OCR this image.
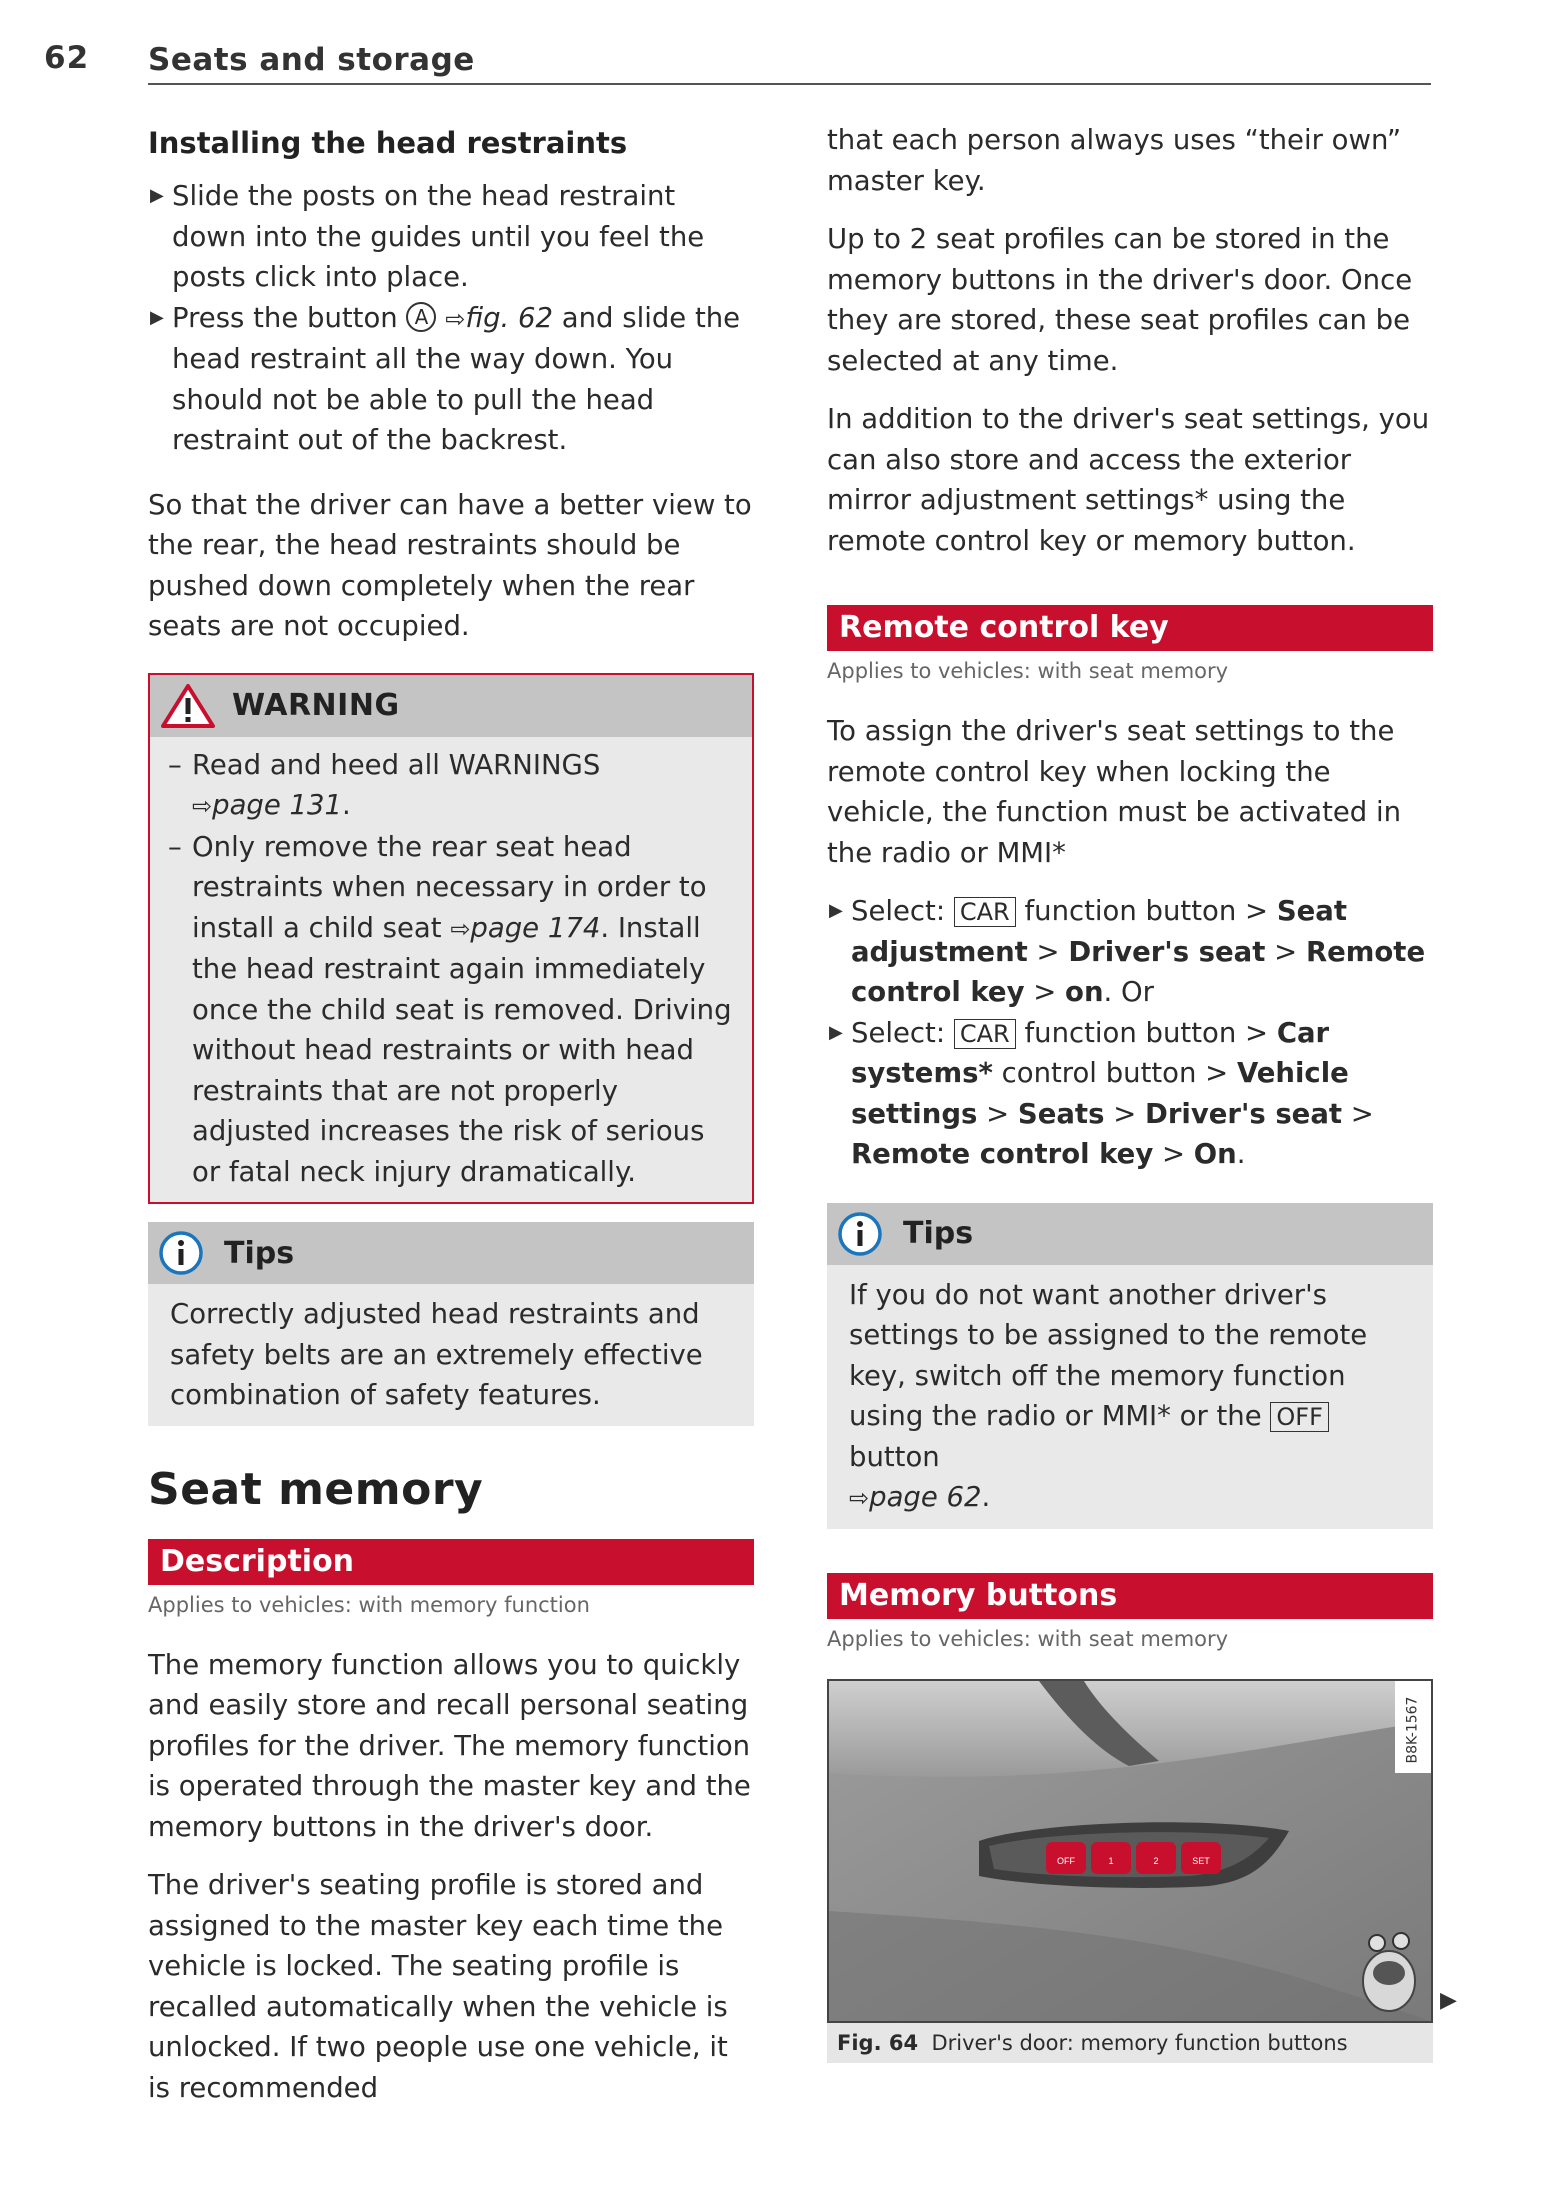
62 Seats and storage
Installing the head restraints
▶ Slide the posts on the head restraint down into the guides until you feel the posts click into place.
▶ Press the button A ⇨fig. 62 and slide the head restraint all the way down. You should not be able to pull the head restraint out of the backrest.

So that the driver can have a better view to the rear, the head restraints should be pushed down completely when the rear seats are not occupied.

WARNING
– Read and heed all WARNINGS
⇨page 131.
– Only remove the rear seat head restraints when necessary in order to install a child seat ⇨page 174. Install the head restraint again immediately once the child seat is removed. Driving without head restraints or with head restraints that are not properly adjusted increases the risk of serious or fatal neck injury dramatically.
Tips
Correctly adjusted head restraints and safety belts are an extremely effective combination of safety features.
Seat memory
Description
Applies to vehicles: with memory function

The memory function allows you to quickly and easily store and recall personal seating profiles for the driver. The memory function is operated through the master key and the memory buttons in the driver's door.

The driver's seating profile is stored and assigned to the master key each time the vehicle is locked. The seating profile is recalled automatically when the vehicle is unlocked. If two people use one vehicle, it is recommended

that each person always uses “their own” master key.

Up to 2 seat profiles can be stored in the memory buttons in the driver's door. Once they are stored, these seat profiles can be selected at any time.

In addition to the driver's seat settings, you can also store and access the exterior mirror adjustment settings* using the remote control key or memory button.

Remote control key
Applies to vehicles: with seat memory

To assign the driver's seat settings to the remote control key when locking the vehicle, the function must be activated in the radio or MMI*

▶ Select: CAR function button > Seat adjustment > Driver's seat > Remote control key > on. Or
▶ Select: CAR function button > Car systems* control button > Vehicle settings > Seats > Driver's seat > Remote control key > On.
Tips
If you do not want another driver's settings to be assigned to the remote key, switch off the memory function using the radio or MMI* or the OFF button
⇨page 62.
Memory buttons
Applies to vehicles: with seat memory
OFF	1	2	SET
B8K-1567
Fig. 64 Driver's door: memory function buttons
▶
